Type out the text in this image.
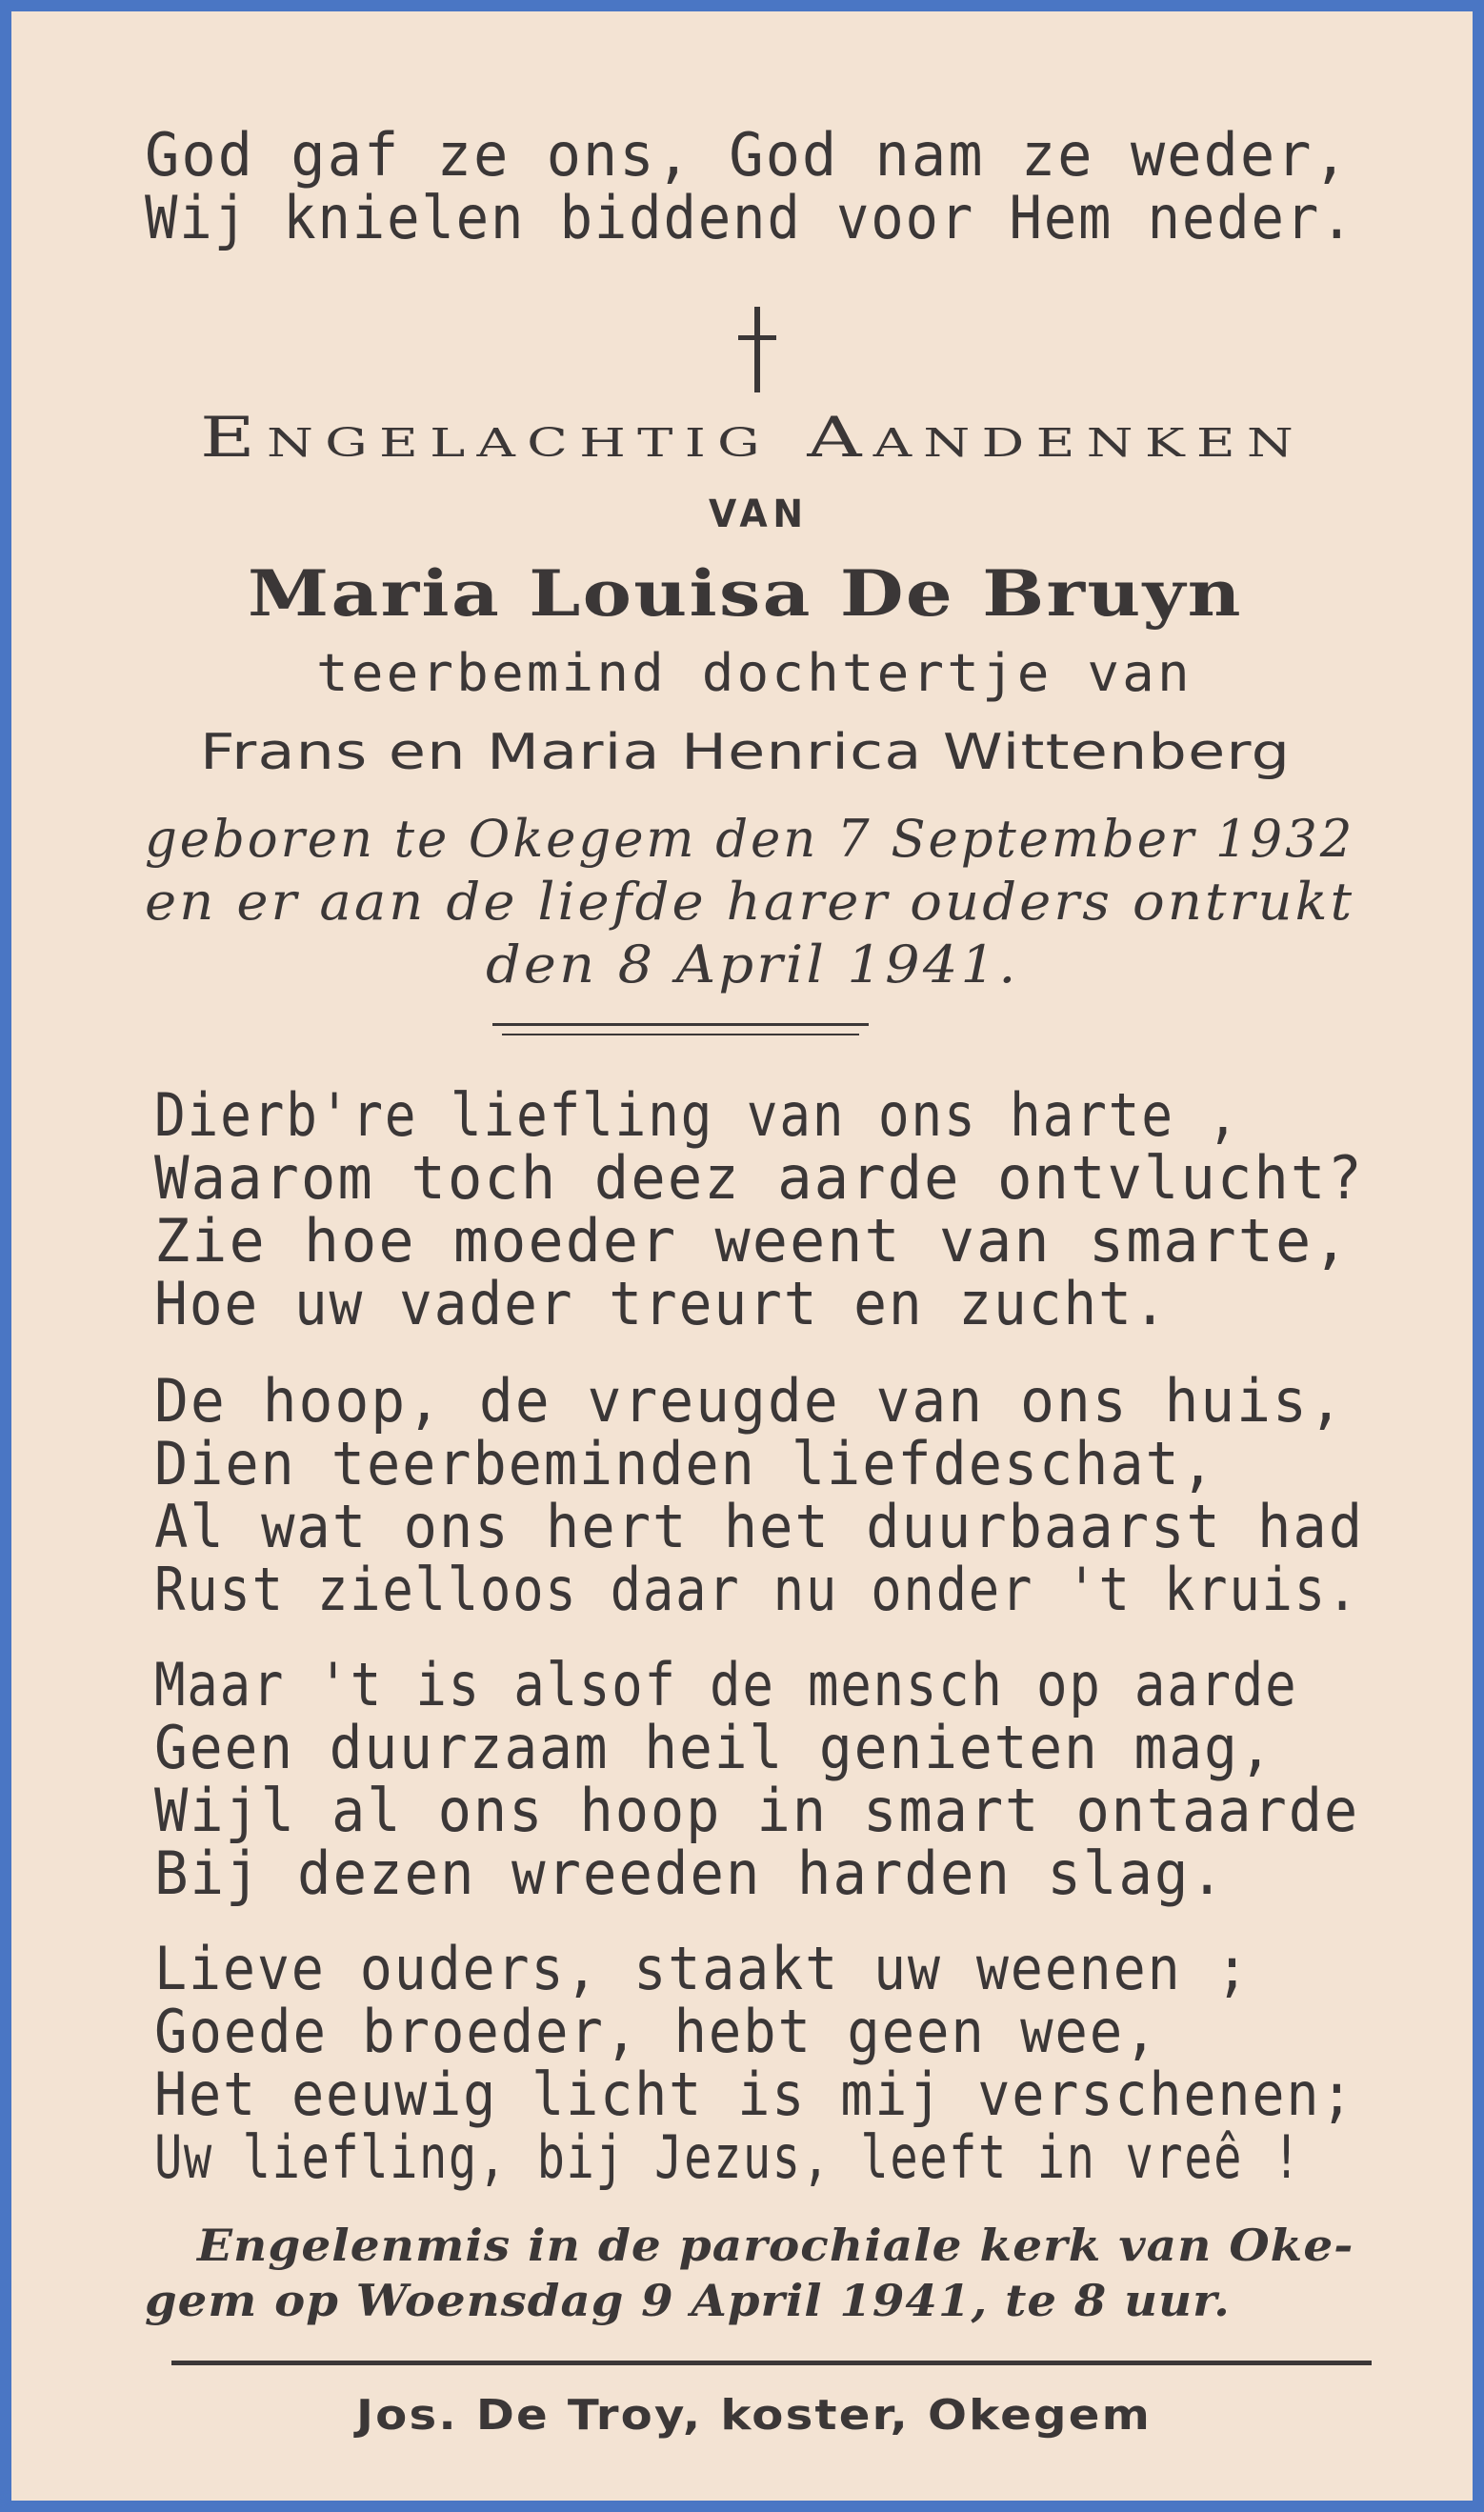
God gaf ze ons, God nam ze weder,

Wij knielen biddend voor Hem neder.

Engelachtig Aandenken

VAN

Maria Louisa De Bruyn

teerbemind dochtertje van

Frans en Maria Henrica Wittenberg

geboren te Okegem den 7 September 1932

en er aan de liefde harer ouders ontrukt

den 8 April 1941.

Dierb're liefling van ons harte ,

Waarom toch deez aarde ontvlucht?

Zie hoe moeder weent van smarte,

Hoe uw vader treurt en zucht.

De hoop, de vreugde van ons huis,

Dien teerbeminden liefdeschat,

Al wat ons hert het duurbaarst had

Rust zielloos daar nu onder 't kruis.

Maar 't is alsof de mensch op aarde

Geen duurzaam heil genieten mag,

Wijl al ons hoop in smart ontaarde

Bij dezen wreeden harden slag.

Lieve ouders, staakt uw weenen ;

Goede broeder, hebt geen wee,

Het eeuwig licht is mij verschenen;

Uw liefling, bij Jezus, leeft in vreê !

Engelenmis in de parochiale kerk van Oke-

gem op Woensdag 9 April 1941, te 8 uur.

Jos. De Troy, koster, Okegem
